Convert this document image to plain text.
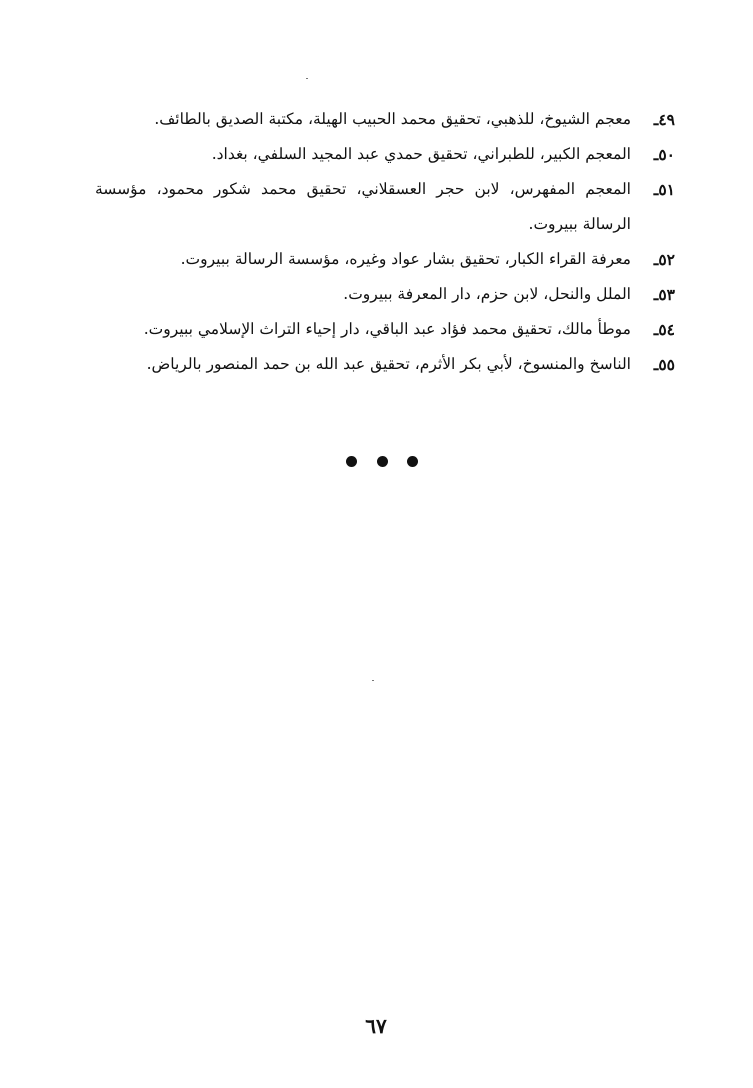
٤٩ـ
معجم الشيوخ، للذهبي، تحقيق محمد الحبيب الهيلة، مكتبة الصديق بالطائف.
٥٠ـ
المعجم الكبير، للطبراني، تحقيق حمدي عبد المجيد السلفي، بغداد.
٥١ـ
المعجم المفهرس، لابن حجر العسقلاني، تحقيق محمد شكور محمود، مؤسسة الرسالة ببيروت.
٥٢ـ
معرفة القراء الكبار، تحقيق بشار عواد وغيره، مؤسسة الرسالة ببيروت.
٥٣ـ
الملل والنحل، لابن حزم، دار المعرفة ببيروت.
٥٤ـ
موطأ مالك، تحقيق محمد فؤاد عبد الباقي، دار إحياء التراث الإسلامي ببيروت.
٥٥ـ
الناسخ والمنسوخ، لأبي بكر الأثرم، تحقيق عبد الله بن حمد المنصور بالرياض.
٦٧
